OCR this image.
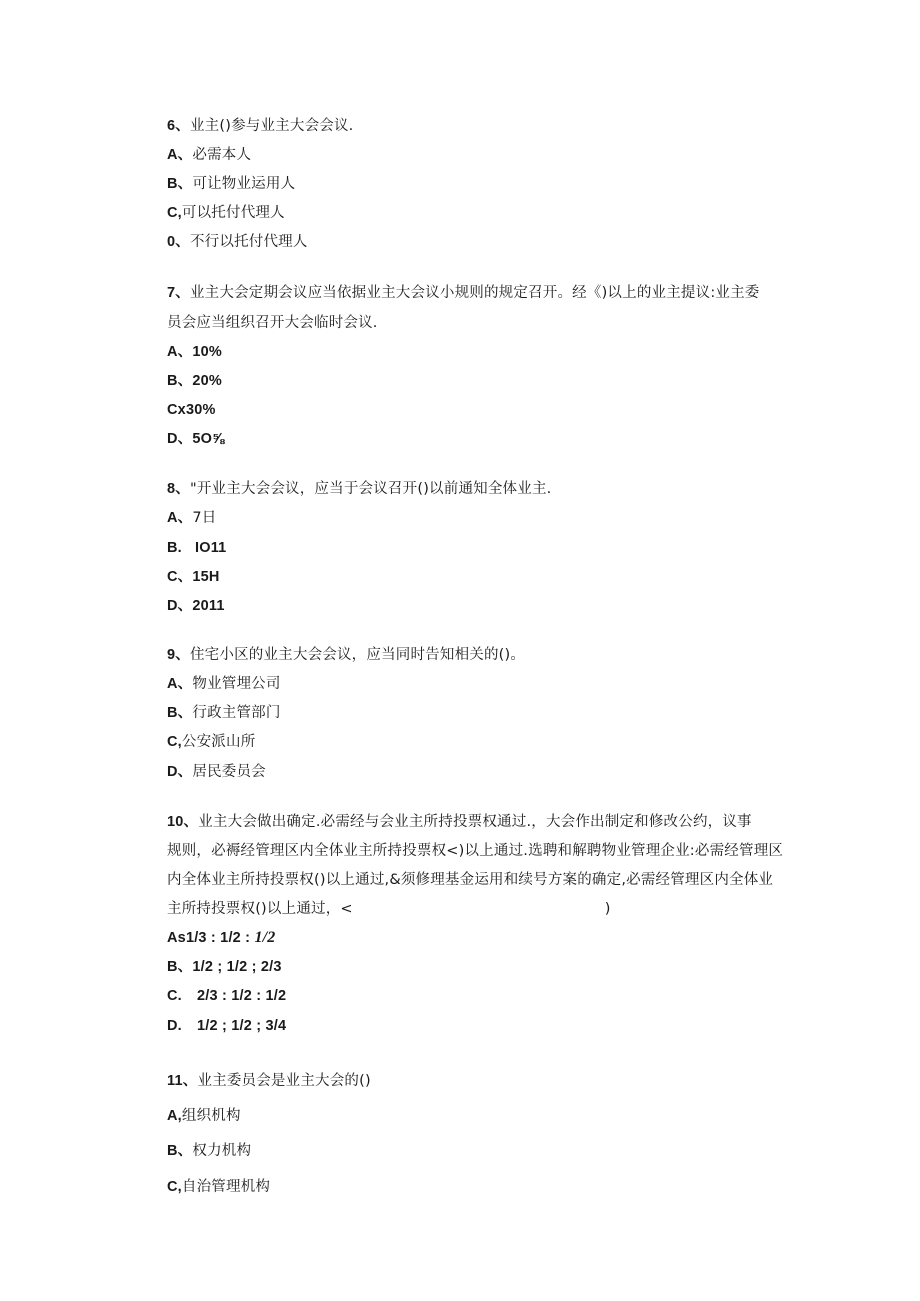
6、业主()参与业主大会会议.
A、必需本人
B、可让物业运用人
C,可以托付代理人
0、不行以托付代理人
7、业主大会定期会议应当依据业主大会议小规则的规定召开。经《)以上的业主提议:业主委
员会应当组织召开大会临时会议.
A、10%
B、20%
Cx30%
D、5O⅝
8、"开业主大会会议，应当于会议召开()以前通知全体业主.
A、7日
B. IO11
C、15H
D、2011
9、住宅小区的业主大会会议，应当同时告知相关的()。
A、物业管埋公司
B、行政主管部门
C,公安派山所
D、居民委员会
10、业主大会做出确定.必需经与会业主所持投票权通过.，大会作出制定和修改公约，议事
规则，必褥经管理区内全体业主所持投票权<)以上通过.选聘和解聘物业管理企业:必需经管理区
内全体业主所持投票权()以上通过,&须修理基金运用和续号方案的确定,必需经管理区内全体业
主所持投票权()以上通过，<	)
As1/3 : 1/2 : 1/2
B、1/2 ; 1/2 ; 2/3
C. 2/3 : 1/2 : 1/2
D. 1/2 ; 1/2 ; 3/4
11、业主委员会是业主大会的()
A,组织机构
B、权力机构
C,自治管理机构
